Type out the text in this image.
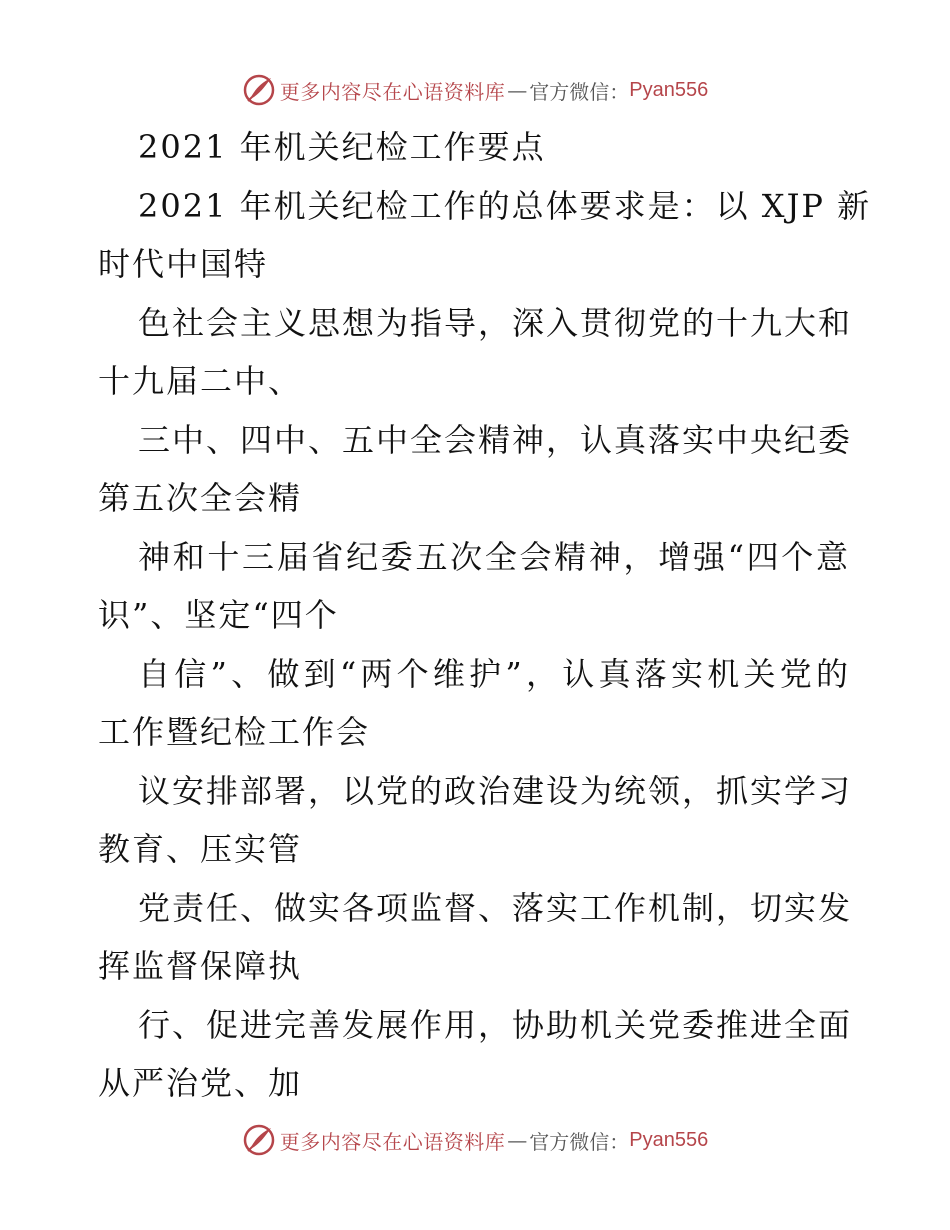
更多内容尽在心语资料库 — 官方微信： Pyan556
2021 年机关纪检工作要点
2021 年机关纪检工作的总体要求是：以 XJP 新
时代中国特
色社会主义思想为指导，深入贯彻党的十九大和
十九届二中、
三中、四中、五中全会精神，认真落实中央纪委
第五次全会精
神和十三届省纪委五次全会精神，增强“四个意
识”、坚定“四个
自信”、做到“两个维护”，认真落实机关党的
工作暨纪检工作会
议安排部署，以党的政治建设为统领，抓实学习
教育、压实管
党责任、做实各项监督、落实工作机制，切实发
挥监督保障执
行、促进完善发展作用，协助机关党委推进全面
从严治党、加
更多内容尽在心语资料库 — 官方微信： Pyan556
